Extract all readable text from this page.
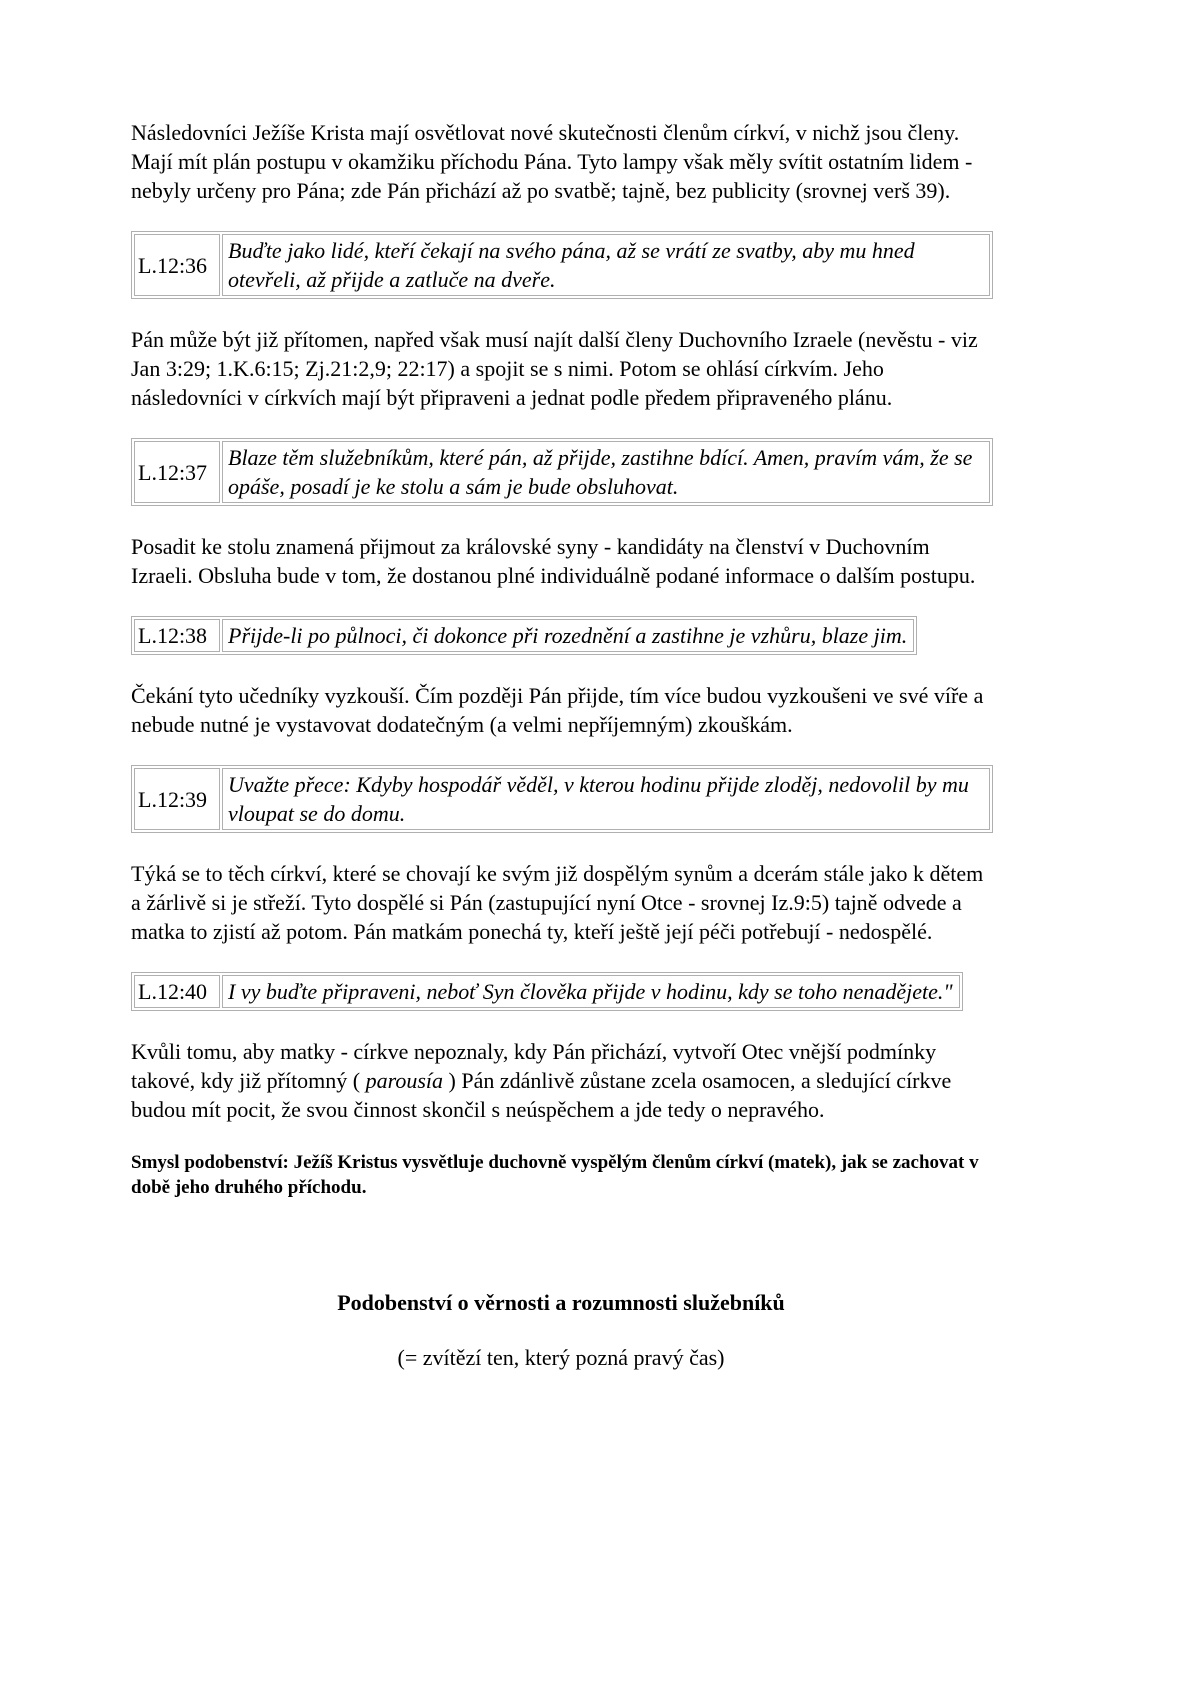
Následovníci Ježíše Krista mají osvětlovat nové skutečnosti členům církví, v nichž jsou členy. Mají mít plán postupu v okamžiku příchodu Pána. Tyto lampy však měly svítit ostatním lidem - nebyly určeny pro Pána; zde Pán přichází až po svatbě; tajně, bez publicity (srovnej verš 39).

L.12:36	Buďte jako lidé, kteří čekají na svého pána, až se vrátí ze svatby, aby mu hned otevřeli, až přijde a zatluče na dveře.

Pán může být již přítomen, napřed však musí najít další členy Duchovního Izraele (nevěstu - viz Jan 3:29; 1.K.6:15; Zj.21:2,9; 22:17) a spojit se s nimi. Potom se ohlásí církvím. Jeho následovníci v církvích mají být připraveni a jednat podle předem připraveného plánu.

L.12:37	Blaze těm služebníkům, které pán, až přijde, zastihne bdící. Amen, pravím vám, že se opáše, posadí je ke stolu a sám je bude obsluhovat.

Posadit ke stolu znamená přijmout za královské syny - kandidáty na členství v Duchovním Izraeli. Obsluha bude v tom, že dostanou plné individuálně podané informace o dalším postupu.

L.12:38	Přijde-li po půlnoci, či dokonce při rozednění a zastihne je vzhůru, blaze jim.

Čekání tyto učedníky vyzkouší. Čím později Pán přijde, tím více budou vyzkoušeni ve své víře a nebude nutné je vystavovat dodatečným (a velmi nepříjemným) zkouškám.

L.12:39	Uvažte přece: Kdyby hospodář věděl, v kterou hodinu přijde zloděj, nedovolil by mu vloupat se do domu.

Týká se to těch církví, které se chovají ke svým již dospělým synům a dcerám stále jako k dětem a žárlivě si je střeží. Tyto dospělé si Pán (zastupující nyní Otce - srovnej Iz.9:5) tajně odvede a matka to zjistí až potom. Pán matkám ponechá ty, kteří ještě její péči potřebují - nedospělé.

L.12:40	I vy buďte připraveni, neboť Syn člověka přijde v hodinu, kdy se toho nenadějete."

Kvůli tomu, aby matky - církve nepoznaly, kdy Pán přichází, vytvoří Otec vnější podmínky takové, kdy již přítomný ( parousía ) Pán zdánlivě zůstane zcela osamocen, a sledující církve budou mít pocit, že svou činnost skončil s neúspěchem a jde tedy o nepravého.

Smysl podobenství: Ježíš Kristus vysvětluje duchovně vyspělým členům církví (matek), jak se zachovat v době jeho druhého příchodu.

Podobenství o věrnosti a rozumnosti služebníků

(= zvítězí ten, který pozná pravý čas)
